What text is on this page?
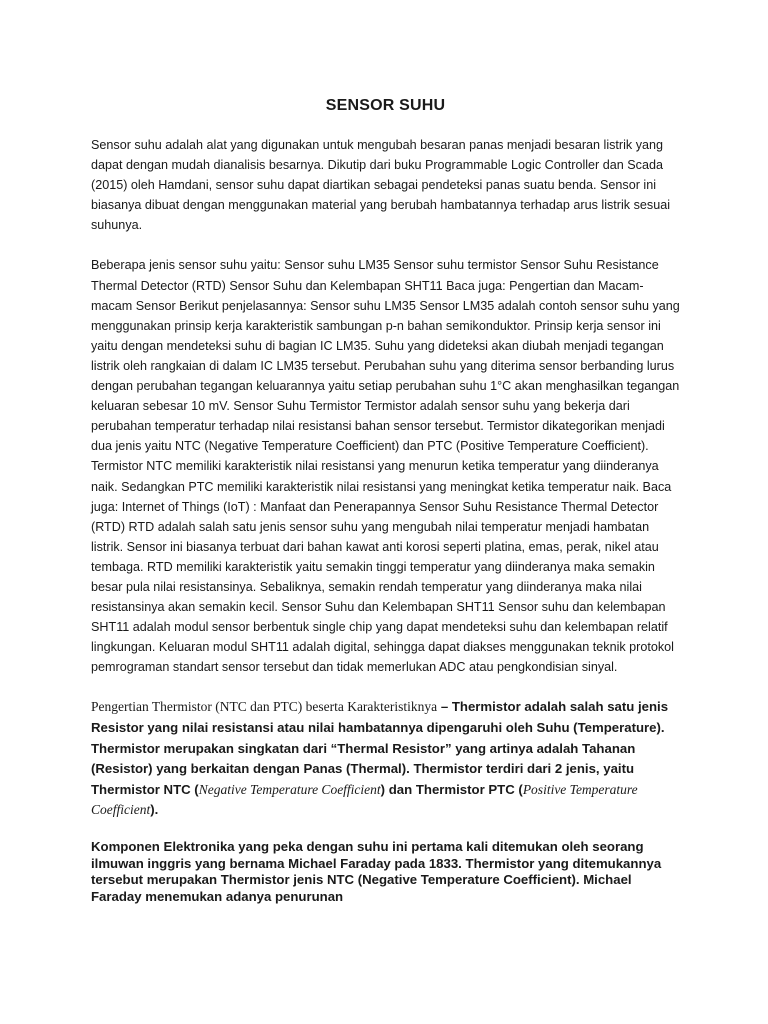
SENSOR SUHU

Sensor suhu adalah alat yang digunakan untuk mengubah besaran panas menjadi besaran listrik yang dapat dengan mudah dianalisis besarnya. Dikutip dari buku Programmable Logic Controller dan Scada (2015) oleh Hamdani, sensor suhu dapat diartikan sebagai pendeteksi panas suatu benda. Sensor ini biasanya dibuat dengan menggunakan material yang berubah hambatannya terhadap arus listrik sesuai suhunya.

Beberapa jenis sensor suhu yaitu: Sensor suhu LM35 Sensor suhu termistor Sensor Suhu Resistance Thermal Detector (RTD) Sensor Suhu dan Kelembapan SHT11 Baca juga: Pengertian dan Macam-macam Sensor Berikut penjelasannya: Sensor suhu LM35 Sensor LM35 adalah contoh sensor suhu yang menggunakan prinsip kerja karakteristik sambungan p-n bahan semikonduktor. Prinsip kerja sensor ini yaitu dengan mendeteksi suhu di bagian IC LM35. Suhu yang dideteksi akan diubah menjadi tegangan listrik oleh rangkaian di dalam IC LM35 tersebut. Perubahan suhu yang diterima sensor berbanding lurus dengan perubahan tegangan keluarannya yaitu setiap perubahan suhu 1°C akan menghasilkan tegangan keluaran sebesar 10 mV. Sensor Suhu Termistor Termistor adalah sensor suhu yang bekerja dari perubahan temperatur terhadap nilai resistansi bahan sensor tersebut. Termistor dikategorikan menjadi dua jenis yaitu NTC (Negative Temperature Coefficient) dan PTC (Positive Temperature Coefficient). Termistor NTC memiliki karakteristik nilai resistansi yang menurun ketika temperatur yang diinderanya naik. Sedangkan PTC memiliki karakteristik nilai resistansi yang meningkat ketika temperatur naik. Baca juga: Internet of Things (IoT) : Manfaat dan Penerapannya Sensor Suhu Resistance Thermal Detector (RTD) RTD adalah salah satu jenis sensor suhu yang mengubah nilai temperatur menjadi hambatan listrik. Sensor ini biasanya terbuat dari bahan kawat anti korosi seperti platina, emas, perak, nikel atau tembaga. RTD memiliki karakteristik yaitu semakin tinggi temperatur yang diinderanya maka semakin besar pula nilai resistansinya. Sebaliknya, semakin rendah temperatur yang diinderanya maka nilai resistansinya akan semakin kecil. Sensor Suhu dan Kelembapan SHT11 Sensor suhu dan kelembapan SHT11 adalah modul sensor berbentuk single chip yang dapat mendeteksi suhu dan kelembapan relatif lingkungan. Keluaran modul SHT11 adalah digital, sehingga dapat diakses menggunakan teknik protokol pemrograman standart sensor tersebut dan tidak memerlukan ADC atau pengkondisian sinyal.

Pengertian Thermistor (NTC dan PTC) beserta Karakteristiknya – Thermistor adalah salah satu jenis Resistor yang nilai resistansi atau nilai hambatannya dipengaruhi oleh Suhu (Temperature). Thermistor merupakan singkatan dari “Thermal Resistor” yang artinya adalah Tahanan (Resistor) yang berkaitan dengan Panas (Thermal). Thermistor terdiri dari 2 jenis, yaitu Thermistor NTC (Negative Temperature Coefficient) dan Thermistor PTC (Positive Temperature Coefficient).

Komponen Elektronika yang peka dengan suhu ini pertama kali ditemukan oleh seorang ilmuwan inggris yang bernama Michael Faraday pada 1833. Thermistor yang ditemukannya tersebut merupakan Thermistor jenis NTC (Negative Temperature Coefficient). Michael Faraday menemukan adanya penurunan
